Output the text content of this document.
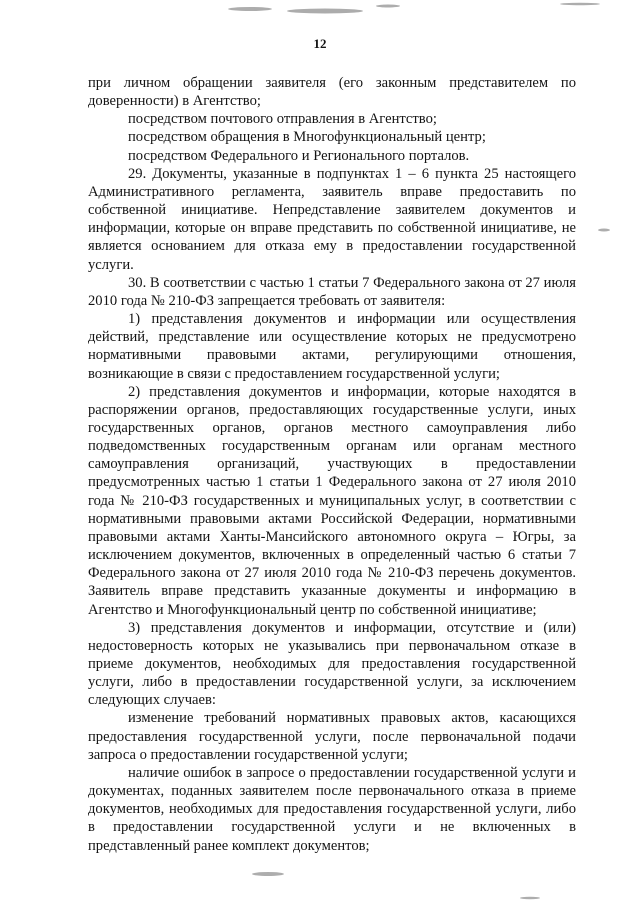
12

при личном обращении заявителя (его законным представителем по доверенности) в Агентство;

посредством почтового отправления в Агентство;

посредством обращения в Многофункциональный центр;

посредством Федерального и Регионального порталов.

29. Документы, указанные в подпунктах 1 – 6 пункта 25 настоящего Административного регламента, заявитель вправе предоставить по собственной инициативе. Непредставление заявителем документов и информации, которые он вправе представить по собственной инициативе, не является основанием для отказа ему в предоставлении государственной услуги.

30. В соответствии с частью 1 статьи 7 Федерального закона от 27 июля 2010 года № 210-ФЗ запрещается требовать от заявителя:

1) представления документов и информации или осуществления действий, представление или осуществление которых не предусмотрено нормативными правовыми актами, регулирующими отношения, возникающие в связи с предоставлением государственной услуги;

2) представления документов и информации, которые находятся в распоряжении органов, предоставляющих государственные услуги, иных государственных органов, органов местного самоуправления либо подведомственных государственным органам или органам местного самоуправления организаций, участвующих в предоставлении предусмотренных частью 1 статьи 1 Федерального закона от 27 июля 2010 года № 210-ФЗ государственных и муниципальных услуг, в соответствии с нормативными правовыми актами Российской Федерации, нормативными правовыми актами Ханты-Мансийского автономного округа – Югры, за исключением документов, включенных в определенный частью 6 статьи 7 Федерального закона от 27 июля 2010 года № 210-ФЗ перечень документов. Заявитель вправе представить указанные документы и информацию в Агентство и Многофункциональный центр по собственной инициативе;

3) представления документов и информации, отсутствие и (или) недостоверность которых не указывались при первоначальном отказе в приеме документов, необходимых для предоставления государственной услуги, либо в предоставлении государственной услуги, за исключением следующих случаев:

изменение требований нормативных правовых актов, касающихся предоставления государственной услуги, после первоначальной подачи запроса о предоставлении государственной услуги;

наличие ошибок в запросе о предоставлении государственной услуги и документах, поданных заявителем после первоначального отказа в приеме документов, необходимых для предоставления государственной услуги, либо в предоставлении государственной услуги и не включенных в представленный ранее комплект документов;
